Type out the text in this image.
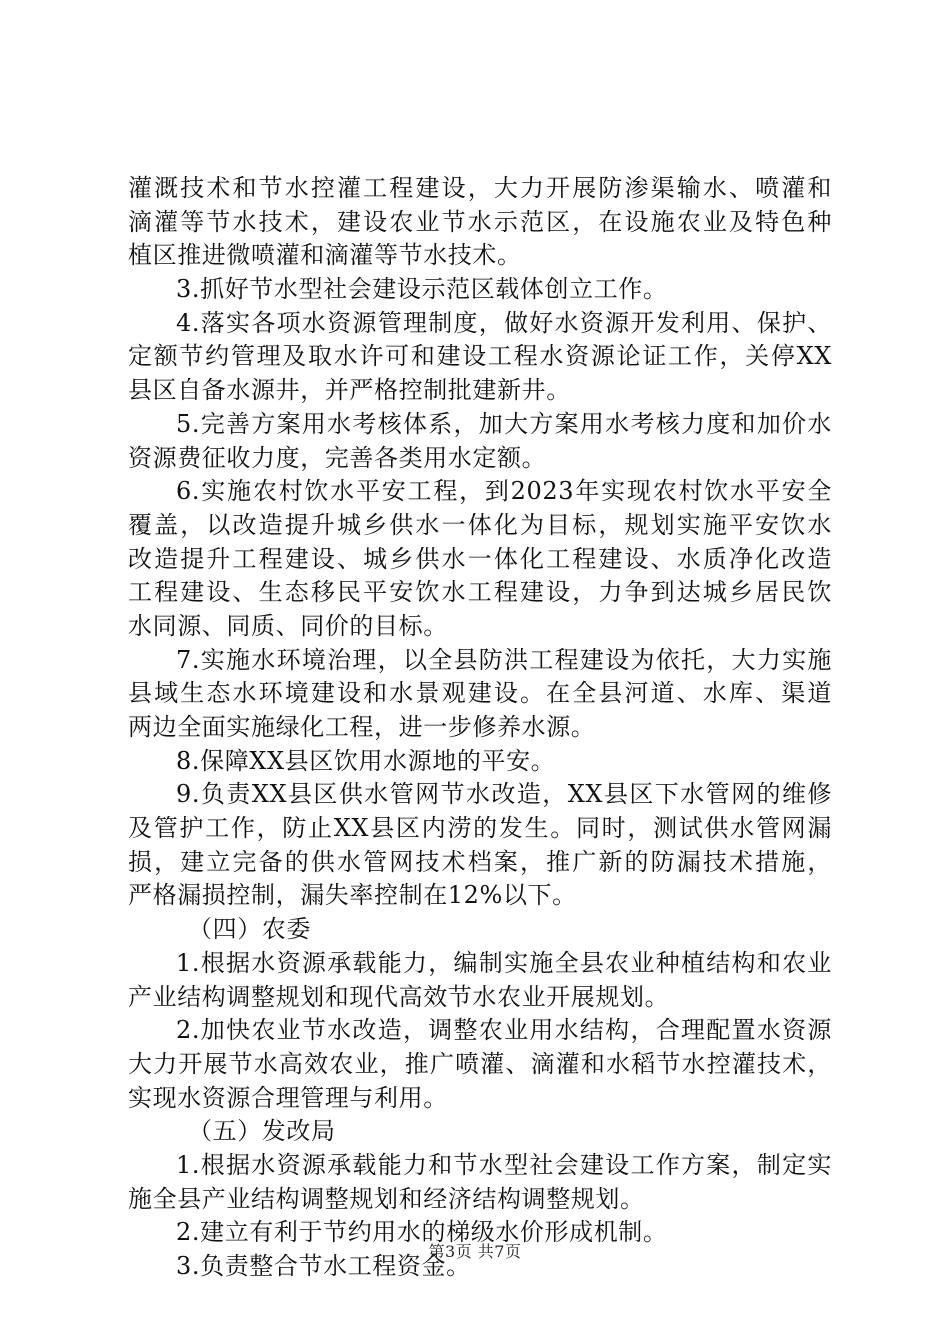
灌溉技术和节水控灌工程建设，大力开展防渗渠输水、喷灌和
滴灌等节水技术，建设农业节水示范区，在设施农业及特色种
植区推进微喷灌和滴灌等节水技术。
3.抓好节水型社会建设示范区载体创立工作。
4.落实各项水资源管理制度，做好水资源开发利用、保护、
定额节约管理及取水许可和建设工程水资源论证工作，关停XX
县区自备水源井，并严格控制批建新井。
5.完善方案用水考核体系，加大方案用水考核力度和加价水
资源费征收力度，完善各类用水定额。
6.实施农村饮水平安工程，到2023年实现农村饮水平安全
覆盖，以改造提升城乡供水一体化为目标，规划实施平安饮水
改造提升工程建设、城乡供水一体化工程建设、水质净化改造
工程建设、生态移民平安饮水工程建设，力争到达城乡居民饮
水同源、同质、同价的目标。
7.实施水环境治理，以全县防洪工程建设为依托，大力实施
县域生态水环境建设和水景观建设。在全县河道、水库、渠道
两边全面实施绿化工程，进一步修养水源。
8.保障XX县区饮用水源地的平安。
9.负责XX县区供水管网节水改造，XX县区下水管网的维修
及管护工作，防止XX县区内涝的发生。同时，测试供水管网漏
损，建立完备的供水管网技术档案，推广新的防漏技术措施，
严格漏损控制，漏失率控制在12%以下。
（四）农委
1.根据水资源承载能力，编制实施全县农业种植结构和农业
产业结构调整规划和现代高效节水农业开展规划。
2.加快农业节水改造，调整农业用水结构，合理配置水资源
大力开展节水高效农业，推广喷灌、滴灌和水稻节水控灌技术，
实现水资源合理管理与利用。
（五）发改局
1.根据水资源承载能力和节水型社会建设工作方案，制定实
施全县产业结构调整规划和经济结构调整规划。
2.建立有利于节约用水的梯级水价形成机制。
3.负责整合节水工程资金。
第3页 共7页
